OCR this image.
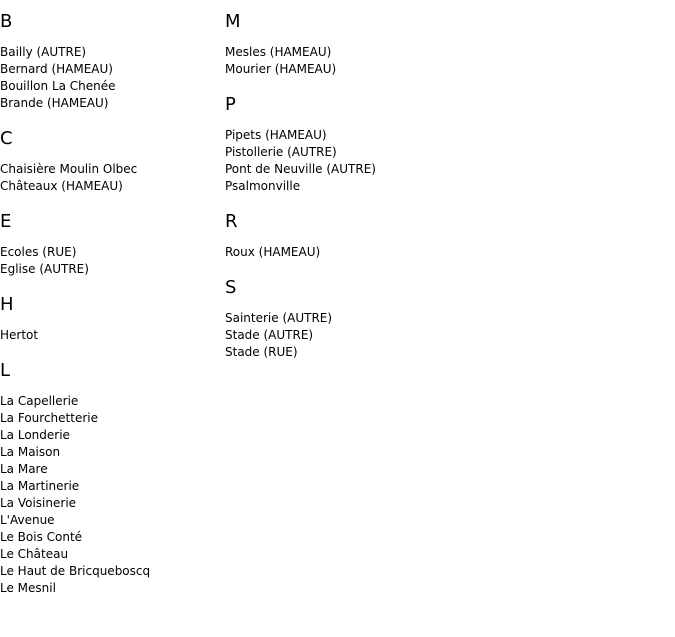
B
Bailly (AUTRE)
Bernard (HAMEAU)
Bouillon La Chenée
Brande (HAMEAU)
C
Chaisière Moulin Olbec
Châteaux (HAMEAU)
E
Ecoles (RUE)
Eglise (AUTRE)
H
Hertot
L
La Capellerie
La Fourchetterie
La Londerie
La Maison
La Mare
La Martinerie
La Voisinerie
L'Avenue
Le Bois Conté
Le Château
Le Haut de Bricqueboscq
Le Mesnil
M
Mesles (HAMEAU)
Mourier (HAMEAU)
P
Pipets (HAMEAU)
Pistollerie (AUTRE)
Pont de Neuville (AUTRE)
Psalmonville
R
Roux (HAMEAU)
S
Sainterie (AUTRE)
Stade (AUTRE)
Stade (RUE)
